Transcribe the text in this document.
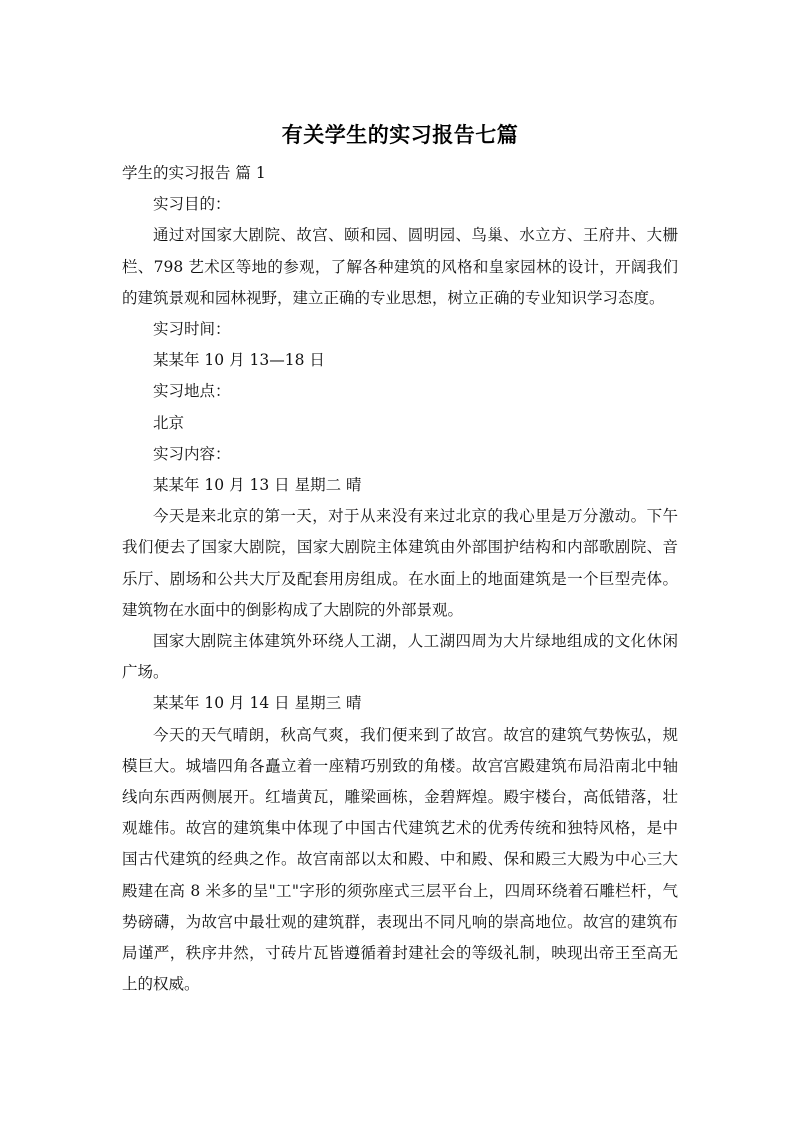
有关学生的实习报告七篇

学生的实习报告 篇 1

实习目的：

通过对国家大剧院、故宫、颐和园、圆明园、鸟巢、水立方、王府井、大栅栏、798 艺术区等地的参观，了解各种建筑的风格和皇家园林的设计，开阔我们的建筑景观和园林视野，建立正确的专业思想，树立正确的专业知识学习态度。

实习时间：

某某年 10 月 13—18 日

实习地点：

北京

实习内容：

某某年 10 月 13 日 星期二 晴

今天是来北京的第一天，对于从来没有来过北京的我心里是万分激动。下午我们便去了国家大剧院，国家大剧院主体建筑由外部围护结构和内部歌剧院、音乐厅、剧场和公共大厅及配套用房组成。在水面上的地面建筑是一个巨型壳体。建筑物在水面中的倒影构成了大剧院的外部景观。

国家大剧院主体建筑外环绕人工湖，人工湖四周为大片绿地组成的文化休闲广场。

某某年 10 月 14 日 星期三 晴

今天的天气晴朗，秋高气爽，我们便来到了故宫。故宫的建筑气势恢弘，规模巨大。城墙四角各矗立着一座精巧别致的角楼。故宫宫殿建筑布局沿南北中轴线向东西两侧展开。红墙黄瓦，雕梁画栋，金碧辉煌。殿宇楼台，高低错落，壮观雄伟。故宫的建筑集中体现了中国古代建筑艺术的优秀传统和独特风格，是中国古代建筑的经典之作。故宫南部以太和殿、中和殿、保和殿三大殿为中心三大殿建在高 8 米多的呈"工"字形的须弥座式三层平台上，四周环绕着石雕栏杆，气势磅礴，为故宫中最壮观的建筑群，表现出不同凡响的崇高地位。故宫的建筑布局谨严，秩序井然，寸砖片瓦皆遵循着封建社会的等级礼制，映现出帝王至高无上的权威。
